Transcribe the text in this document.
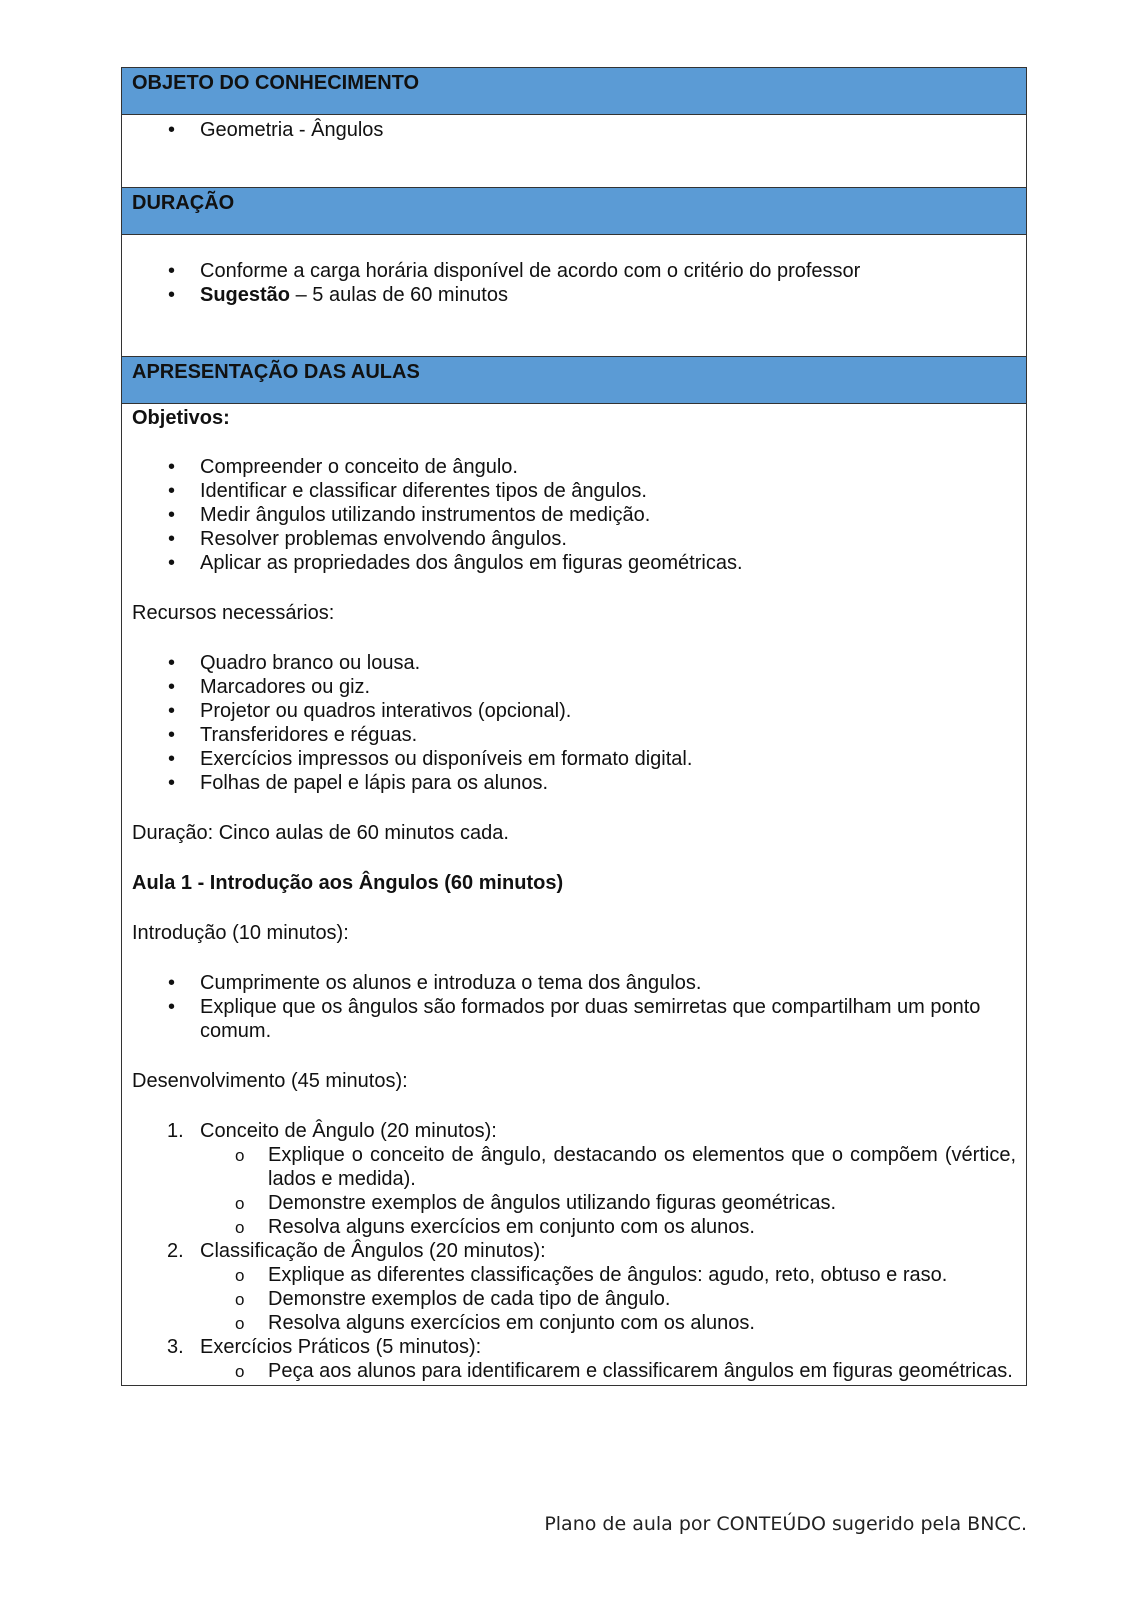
OBJETO DO CONHECIMENTO
• Geometria - Ângulos
DURAÇÃO
• Conforme a carga horária disponível de acordo com o critério do professor
• Sugestão – 5 aulas de 60 minutos
APRESENTAÇÃO DAS AULAS
Objetivos:
• Compreender o conceito de ângulo.
• Identificar e classificar diferentes tipos de ângulos.
• Medir ângulos utilizando instrumentos de medição.
• Resolver problemas envolvendo ângulos.
• Aplicar as propriedades dos ângulos em figuras geométricas.
Recursos necessários:
• Quadro branco ou lousa.
• Marcadores ou giz.
• Projetor ou quadros interativos (opcional).
• Transferidores e réguas.
• Exercícios impressos ou disponíveis em formato digital.
• Folhas de papel e lápis para os alunos.
Duração: Cinco aulas de 60 minutos cada.
Aula 1 - Introdução aos Ângulos (60 minutos)
Introdução (10 minutos):
• Cumprimente os alunos e introduza o tema dos ângulos.
• Explique que os ângulos são formados por duas semirretas que compartilham um ponto comum.
Desenvolvimento (45 minutos):
1. Conceito de Ângulo (20 minutos):
o Explique o conceito de ângulo, destacando os elementos que o compõem (vértice, lados e medida).
o Demonstre exemplos de ângulos utilizando figuras geométricas.
o Resolva alguns exercícios em conjunto com os alunos.
2. Classificação de Ângulos (20 minutos):
o Explique as diferentes classificações de ângulos: agudo, reto, obtuso e raso.
o Demonstre exemplos de cada tipo de ângulo.
o Resolva alguns exercícios em conjunto com os alunos.
3. Exercícios Práticos (5 minutos):
o Peça aos alunos para identificarem e classificarem ângulos em figuras geométricas.
Plano de aula por CONTEÚDO sugerido pela BNCC.
